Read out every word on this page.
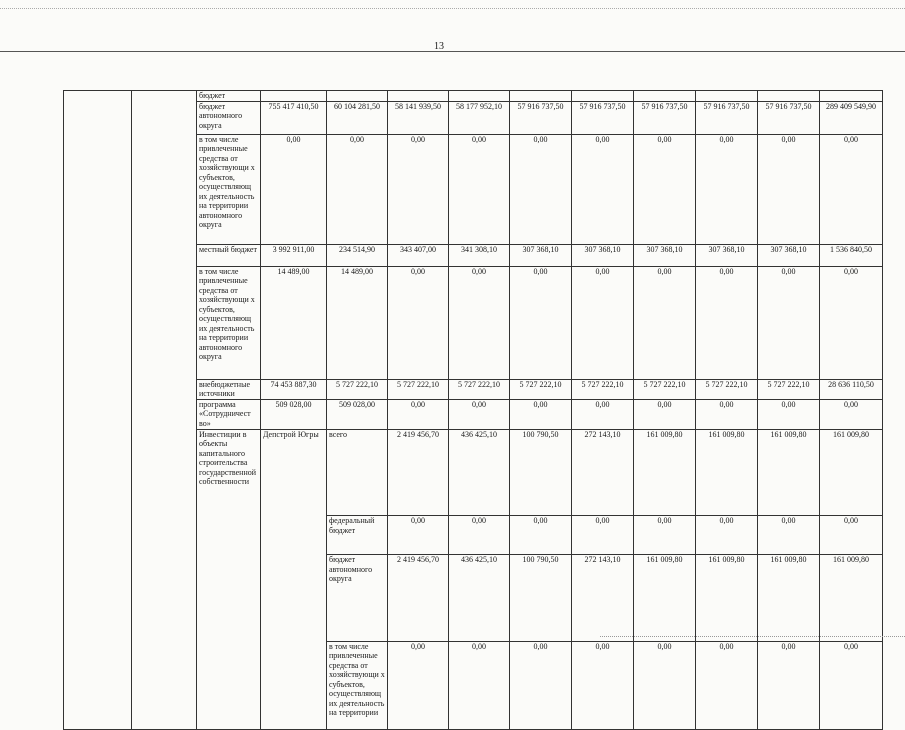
13
		бюджет											
		бюджет автономного округа	755 417 410,50	60 104 281,50	58 141 939,50	58 177 952,10	57 916 737,50	57 916 737,50	57 916 737,50	57 916 737,50	57 916 737,50	289 409 549,90	
		в том числе привлеченные средства от хозяйствующи х субъектов, осуществляющ их деятельность на территории автономного округа	0,00	0,00	0,00	0,00	0,00	0,00	0,00	0,00	0,00	0,00	
		местный бюджет	3 992 911,00	234 514,90	343 407,00	341 308,10	307 368,10	307 368,10	307 368,10	307 368,10	307 368,10	1 536 840,50	
		в том числе привлеченные средства от хозяйствующи х субъектов, осуществляющ их деятельность на территории автономного округа	14 489,00	14 489,00	0,00	0,00	0,00	0,00	0,00	0,00	0,00	0,00	
		внебюджетные источники	74 453 887,30	5 727 222,10	5 727 222,10	5 727 222,10	5 727 222,10	5 727 222,10	5 727 222,10	5 727 222,10	5 727 222,10	28 636 110,50	
		программа «Сотрудничест во»	509 028,00	509 028,00	0,00	0,00	0,00	0,00	0,00	0,00	0,00	0,00	
		Инвестиции в объекты капитального строительства государственной собственности	Депстрой Югры	всего	2 419 456,70	436 425,10	100 790,50	272 143,10	161 009,80	161 009,80	161 009,80	161 009,80		
				федеральный бюджет	0,00	0,00	0,00	0,00	0,00	0,00	0,00	0,00		
				бюджет автономного округа	2 419 456,70	436 425,10	100 790,50	272 143,10	161 009,80	161 009,80	161 009,80	161 009,80		
				в том числе привлеченные средства от хозяйствующи х субъектов, осуществляющ их деятельность на территории	0,00	0,00	0,00	0,00	0,00	0,00	0,00	0,00		
